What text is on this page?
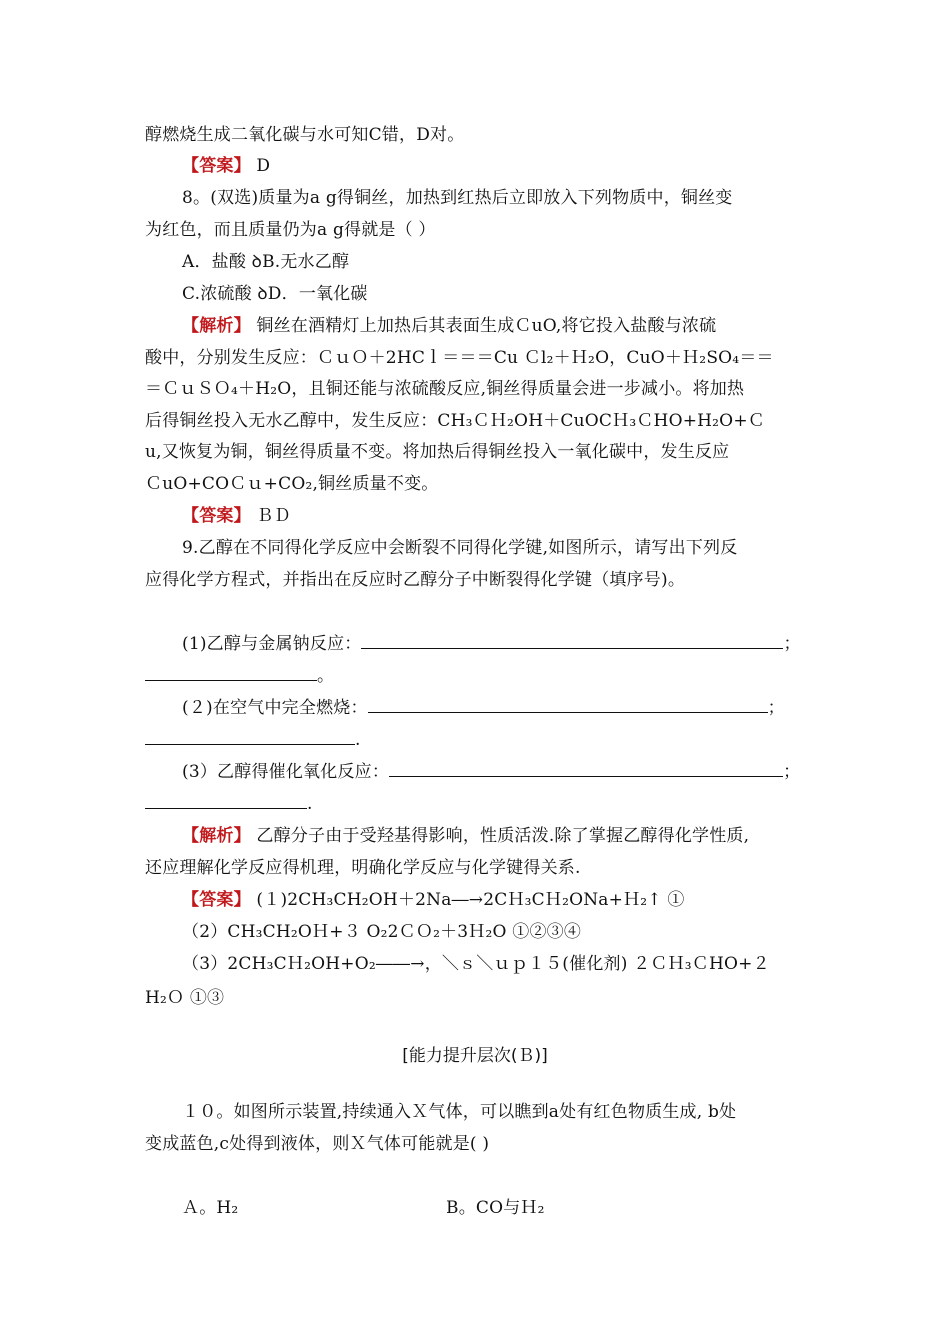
醇燃烧生成二氧化碳与水可知C错，D对。
【答案】 D
8。(双选)质量为a g得铜丝，加热到红热后立即放入下列物质中，铜丝变
为红色，而且质量仍为a g得就是（ ）
A．盐酸 ꝺB.无水乙醇
C.浓硫酸 ꝺD．一氧化碳
【解析】 铜丝在酒精灯上加热后其表面生成ＣuO,将它投入盐酸与浓硫
酸中，分别发生反应：ＣｕＯ＋2HCｌ＝＝＝Cu Ｃl₂＋Ｈ₂O，CuO＋Ｈ₂SO₄＝＝
＝ＣｕＳＯ₄＋H₂O，且铜还能与浓硫酸反应,铜丝得质量会进一步减小。将加热
后得铜丝投入无水乙醇中，发生反应：CH₃ＣＨ₂OH＋CuOCＨ₃ＣHO+H₂O+Ｃ
u,又恢复为铜，铜丝得质量不变。将加热后得铜丝投入一氧化碳中，发生反应
ＣuO+COＣｕ+CO₂,铜丝质量不变。
【答案】 ＢＤ
9.乙醇在不同得化学反应中会断裂不同得化学键,如图所示，请写出下列反
应得化学方程式，并指出在反应时乙醇分子中断裂得化学键（填序号)。
(1)乙醇与金属钠反应：	；
。
(２)在空气中完全燃烧：	；
.
(3）乙醇得催化氧化反应：	；
.
【解析】 乙醇分子由于受羟基得影响，性质活泼.除了掌握乙醇得化学性质,
还应理解化学反应得机理，明确化学反应与化学键得关系.
【答案】 (１)2CH₃CH₂OH＋2Na―→2CＨ₃CＨ₂ONa+Ｈ₂↑ ①
（2）CH₃CH₂OＨ+３ O₂2ＣＯ₂＋3Ｈ₂O ①②③④
（3）2CH₃CＨ₂OH+O₂――→，＼ｓ＼ｕｐ１５(催化剂) ２ＣＨ₃ＣHO+２
H₂Ｏ ①③
[能力提升层次(Ｂ)]
１０。如图所示装置,持续通入Ｘ气体，可以瞧到a处有红色物质生成, b处
变成蓝色,c处得到液体，则Ｘ气体可能就是( )
Ａ。H₂	B。CO与Ｈ₂
